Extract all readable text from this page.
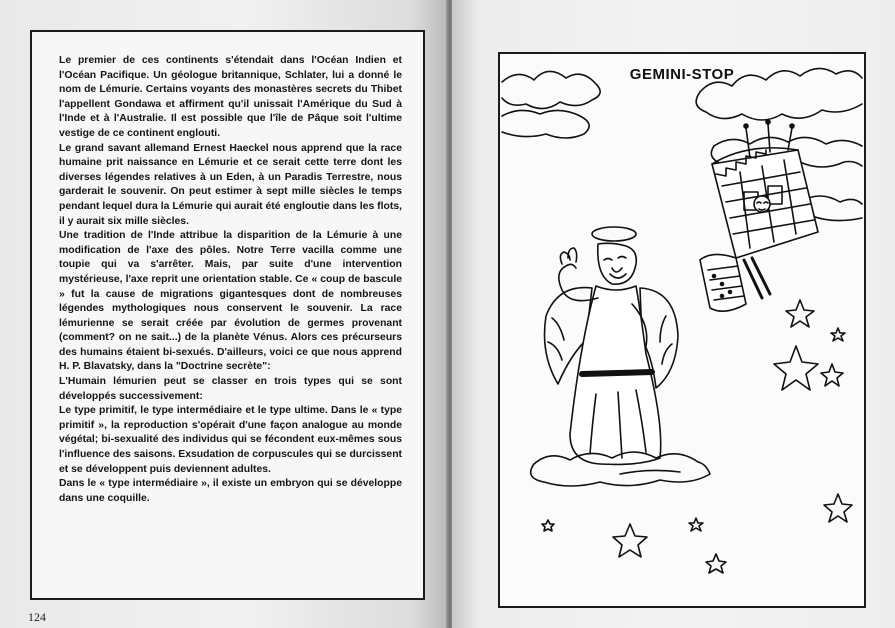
Le premier de ces continents s'étendait dans l'Océan Indien et l'Océan Pacifique. Un géologue britannique, Schlater, lui a donné le nom de Lémurie. Certains voyants des monastères secrets du Thibet l'appellent Gondawa et affirment qu'il unissait l'Amérique du Sud à l'Inde et à l'Australie. Il est possible que l'île de Pâque soit l'ultime vestige de ce continent englouti.

Le grand savant allemand Ernest Haeckel nous apprend que la race humaine prit naissance en Lémurie et ce serait cette terre dont les diverses légendes relatives à un Eden, à un Paradis Terrestre, nous garderait le souvenir. On peut estimer à sept mille siècles le temps pendant lequel dura la Lémurie qui aurait été engloutie dans les flots, il y aurait six mille siècles.

Une tradition de l'Inde attribue la disparition de la Lémurie à une modification de l'axe des pôles. Notre Terre vacilla comme une toupie qui va s'arrêter. Mais, par suite d'une intervention mystérieuse, l'axe reprit une orientation stable. Ce « coup de bascule » fut la cause de migrations gigantesques dont de nombreuses légendes mythologiques nous conservent le souvenir. La race lémurienne se serait créée par évolution de germes provenant (comment? on ne sait...) de la planète Vénus. Alors ces précurseurs des humains étaient bi-sexués. D'ailleurs, voici ce que nous apprend H. P. Blavatsky, dans la "Doctrine secrète":

L'Humain lémurien peut se classer en trois types qui se sont développés successivement:

Le type primitif, le type intermédiaire et le type ultime. Dans le « type primitif », la reproduction s'opérait d'une façon analogue au monde végétal; bi-sexualité des individus qui se fécondent eux-mêmes sous l'influence des saisons. Exsudation de corpuscules qui se durcissent et se développent puis deviennent adultes.

Dans le « type intermédiaire », il existe un embryon qui se développe dans une coquille.

124
GEMINI-STOP
